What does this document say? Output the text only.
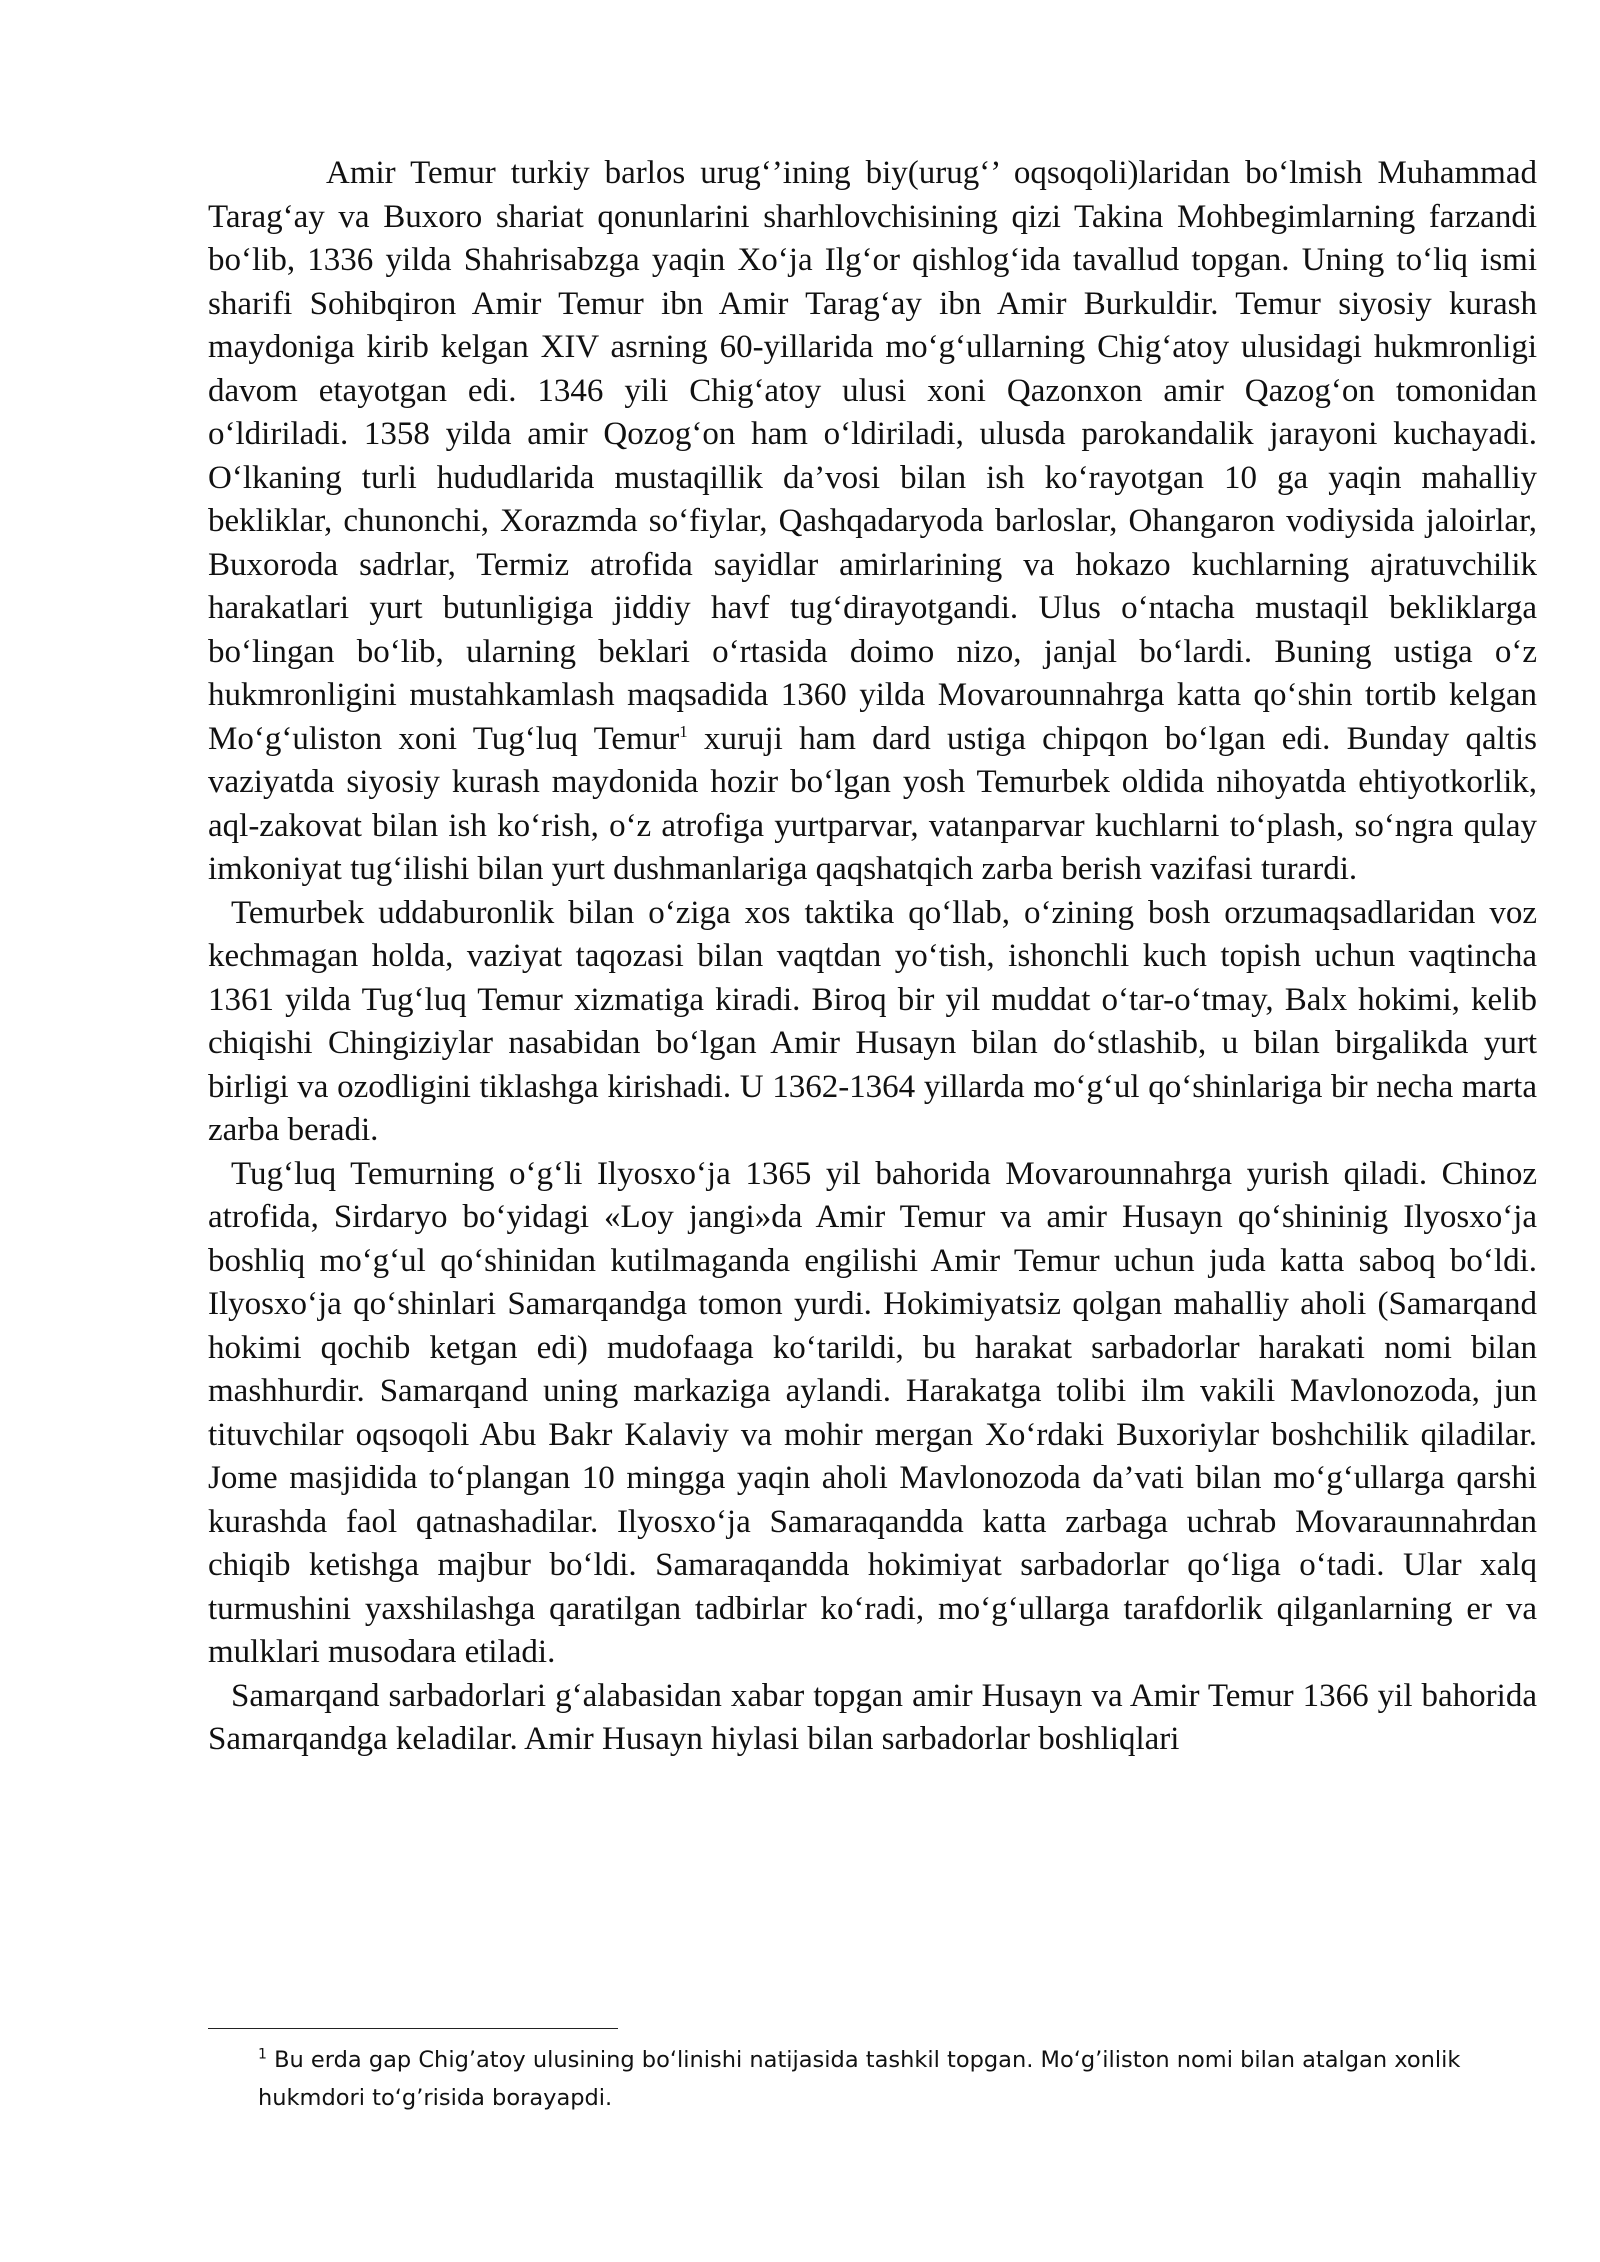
Amir Temur turkiy barlos urug‘’ining biy(urug‘’ oqsoqoli)laridan bo‘lmish Muhammad Tarag‘ay va Buxoro shariat qonunlarini sharhlovchisining qizi Takina Mohbegimlarning farzandi bo‘lib, 1336 yilda Shahrisabzga yaqin Xo‘ja Ilg‘or qishlog‘ida tavallud topgan. Uning to‘liq ismi sharifi Sohibqiron Amir Temur ibn Amir Tarag‘ay ibn Amir Burkuldir. Temur siyosiy kurash maydoniga kirib kelgan XIV asrning 60-yillarida mo‘g‘ullarning Chig‘atoy ulusidagi hukmronligi davom etayotgan edi. 1346 yili Chig‘atoy ulusi xoni Qazonxon amir Qazog‘on tomonidan o‘ldiriladi. 1358 yilda amir Qozog‘on ham o‘ldiriladi, ulusda parokandalik jarayoni kuchayadi. O‘lkaning turli hududlarida mustaqillik da’vosi bilan ish ko‘rayotgan 10 ga yaqin mahalliy bekliklar, chunonchi, Xorazmda so‘fiylar, Qashqadaryoda barloslar, Ohangaron vodiysida jaloirlar, Buxoroda sadrlar, Termiz atrofida sayidlar amirlarining va hokazo kuchlarning ajratuvchilik harakatlari yurt butunligiga jiddiy havf tug‘dirayotgandi. Ulus o‘ntacha mustaqil bekliklarga bo‘lingan bo‘lib, ularning beklari o‘rtasida doimo nizo, janjal bo‘lardi. Buning ustiga o‘z hukmronligini mustahkamlash maqsadida 1360 yilda Movarounnahrga katta qo‘shin tortib kelgan Mo‘g‘uliston xoni Tug‘luq Temur$^1$ xuruji ham dard ustiga chipqon bo‘lgan edi. Bunday qaltis vaziyatda siyosiy kurash maydonida hozir bo‘lgan yosh Temurbek oldida nihoyatda ehtiyotkorlik, aql-zakovat bilan ish ko‘rish, o‘z atrofiga yurtparvar, vatanparvar kuchlarni to‘plash, so‘ngra qulay imkoniyat tug‘ilishi bilan yurt dushmanlariga qaqshatqich zarba berish vazifasi turardi.

Temurbek uddaburonlik bilan o‘ziga xos taktika qo‘llab, o‘zining bosh orzumaqsadlaridan voz kechmagan holda, vaziyat taqozasi bilan vaqtdan yo‘tish, ishonchli kuch topish uchun vaqtincha 1361 yilda Tug‘luq Temur xizmatiga kiradi. Biroq bir yil muddat o‘tar-o‘tmay, Balx hokimi, kelib chiqishi Chingiziylar nasabidan bo‘lgan Amir Husayn bilan do‘stlashib, u bilan birgalikda yurt birligi va ozodligini tiklashga kirishadi. U 1362-1364 yillarda mo‘g‘ul qo‘shinlariga bir necha marta zarba beradi.

Tug‘luq Temurning o‘g‘li Ilyosxo‘ja 1365 yil bahorida Movarounnahrga yurish qiladi. Chinoz atrofida, Sirdaryo bo‘yidagi «Loy jangi»da Amir Temur va amir Husayn qo‘shininig Ilyosxo‘ja boshliq mo‘g‘ul qo‘shinidan kutilmaganda engilishi Amir Temur uchun juda katta saboq bo‘ldi. Ilyosxo‘ja qo‘shinlari Samarqandga tomon yurdi. Hokimiyatsiz qolgan mahalliy aholi (Samarqand hokimi qochib ketgan edi) mudofaaga ko‘tarildi, bu harakat sarbadorlar harakati nomi bilan mashhurdir. Samarqand uning markaziga aylandi. Harakatga tolibi ilm vakili Mavlonozoda, jun tituvchilar oqsoqoli Abu Bakr Kalaviy va mohir mergan Xo‘rdaki Buxoriylar boshchilik qiladilar. Jome masjidida to‘plangan 10 mingga yaqin aholi Mavlonozoda da’vati bilan mo‘g‘ullarga qarshi kurashda faol qatnashadilar. Ilyosxo‘ja Samaraqandda katta zarbaga uchrab Movaraunnahrdan chiqib ketishga majbur bo‘ldi. Samaraqandda hokimiyat sarbadorlar qo‘liga o‘tadi. Ular xalq turmushini yaxshilashga qaratilgan tadbirlar ko‘radi, mo‘g‘ullarga tarafdorlik qilganlarning er va mulklari musodara etiladi.

Samarqand sarbadorlari g‘alabasidan xabar topgan amir Husayn va Amir Temur 1366 yil bahorida Samarqandga keladilar. Amir Husayn hiylasi bilan sarbadorlar boshliqlari

$^1$ Bu erda gap Chig’atoy ulusining bo‘linishi natijasida tashkil topgan. Mo‘g’iliston nomi bilan atalgan xonlik hukmdori to‘g’risida borayapdi.
